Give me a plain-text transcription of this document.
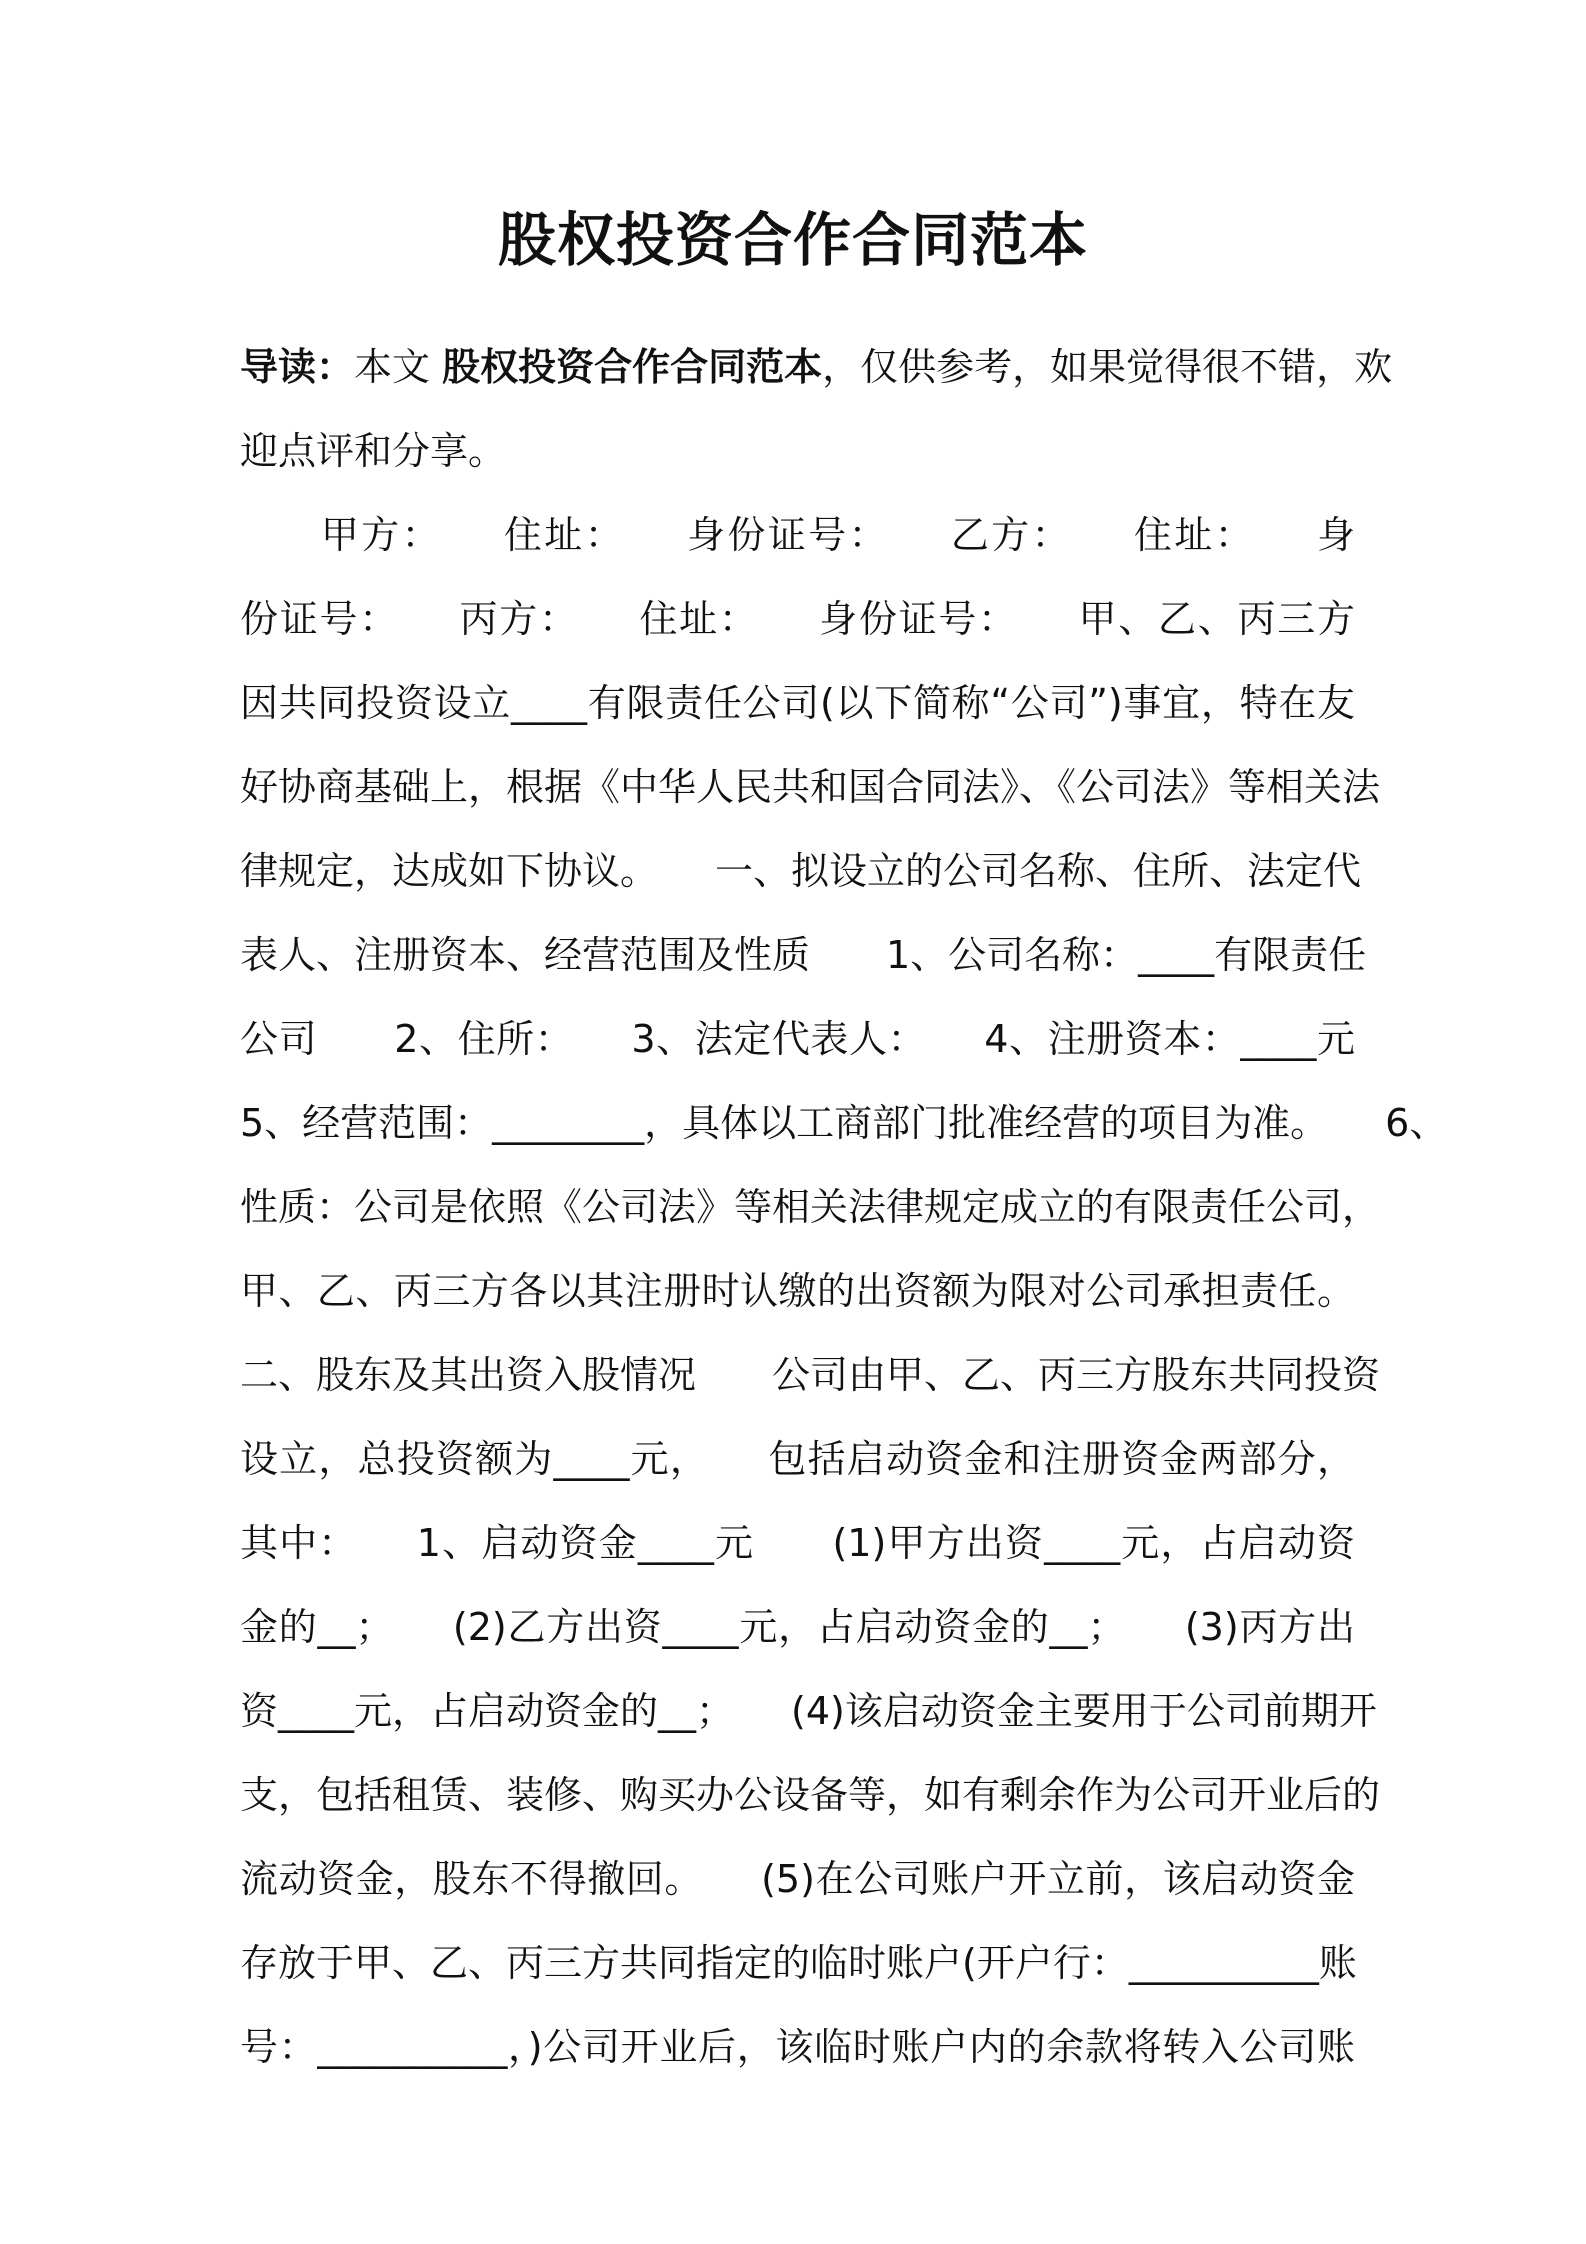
股权投资合作合同范本
导读：本文 股权投资合作合同范本，仅供参考，如果觉得很不错，欢
迎点评和分享。
　　甲方：　　住址：　　身份证号：　　乙方：　　住址：　　身
份证号：　　丙方：　　住址：　　身份证号：　　甲、乙、丙三方
因共同投资设立____有限责任公司(以下简称“公司”)事宜，特在友
好协商基础上，根据《中华人民共和国合同法》、《公司法》等相关法
律规定，达成如下协议。　　一、拟设立的公司名称、住所、法定代
表人、注册资本、经营范围及性质　　1、公司名称：____有限责任
公司　　2、住所：　　3、法定代表人：　　4、注册资本：____元
5、经营范围：________，具体以工商部门批准经营的项目为准。　　6、
性质：公司是依照《公司法》等相关法律规定成立的有限责任公司，
甲、乙、丙三方各以其注册时认缴的出资额为限对公司承担责任。
二、股东及其出资入股情况　　公司由甲、乙、丙三方股东共同投资
设立，总投资额为____元，　　包括启动资金和注册资金两部分，
其中：　　1、启动资金____元　　(1)甲方出资____元，占启动资
金的__；　　(2)乙方出资____元，占启动资金的__；　　(3)丙方出
资____元，占启动资金的__；　　(4)该启动资金主要用于公司前期开
支，包括租赁、装修、购买办公设备等，如有剩余作为公司开业后的
流动资金，股东不得撤回。　　(5)在公司账户开立前，该启动资金
存放于甲、乙、丙三方共同指定的临时账户(开户行：__________账
号：__________，)公司开业后，该临时账户内的余款将转入公司账
